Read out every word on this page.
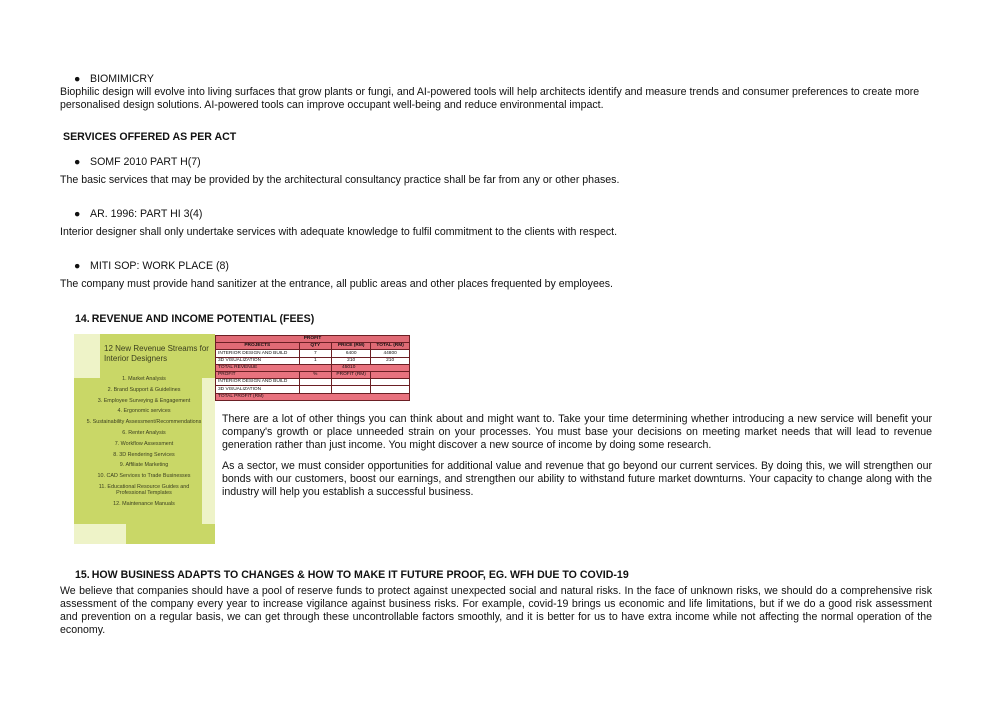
● BIOMIMICRY

Biophilic design will evolve into living surfaces that grow plants or fungi, and AI-powered tools will help architects identify and measure trends and consumer preferences to create more personalised design solutions. AI-powered tools can improve occupant well-being and reduce environmental impact.

SERVICES OFFERED AS PER ACT
● SOMF 2010 PART H(7)

The basic services that may be provided by the architectural consultancy practice shall be far from any or other phases.

● AR. 1996: PART HI 3(4)

Interior designer shall only undertake services with adequate knowledge to fulfil commitment to the clients with respect.

● MITI SOP: WORK PLACE (8)

The company must provide hand sanitizer at the entrance, all public areas and other places frequented by employees.

14. REVENUE AND INCOME POTENTIAL (FEES)
12 New Revenue Streams for Interior Designers
1. Market Analysis
2. Brand Support & Guidelines
3. Employee Surveying & Engagement
4. Ergonomic services
5. Sustainability Assessment/Recommendations
6. Renter Analysis
7. Workflow Assessment
8. 3D Rendering Services
9. Affiliate Marketing
10. CAD Services to Trade Businesses
11. Educational Resource Guides and Professional Templates
12. Maintenance Manuals
PROFIT			
PROJECTS	QTY	PRICE (RM)	TOTAL (RM)
INTERIOR DESIGN AND BUILD	7	6400	44800
3D VISUALIZATION	1	210	210
TOTAL REVENUE		45010	
PROFIT	%	PROFIT (RM)	
INTERIOR DESIGN AND BUILD			
3D VISUALIZATION			
TOTAL PROFIT (RM)			

There are a lot of other things you can think about and might want to. Take your time determining whether introducing a new service will benefit your company's growth or place unneeded strain on your processes. You must base your decisions on meeting market needs that will lead to revenue generation rather than just income. You might discover a new source of income by doing some research.

As a sector, we must consider opportunities for additional value and revenue that go beyond our current services. By doing this, we will strengthen our bonds with our customers, boost our earnings, and strengthen our ability to withstand future market downturns. Your capacity to change along with the industry will help you establish a successful business.

15. HOW BUSINESS ADAPTS TO CHANGES & HOW TO MAKE IT FUTURE PROOF, EG. WFH DUE TO COVID-19

We believe that companies should have a pool of reserve funds to protect against unexpected social and natural risks. In the face of unknown risks, we should do a comprehensive risk assessment of the company every year to increase vigilance against business risks. For example, covid-19 brings us economic and life limitations, but if we do a good risk assessment and prevention on a regular basis, we can get through these uncontrollable factors smoothly, and it is better for us to have extra income while not affecting the normal operation of the economy.
